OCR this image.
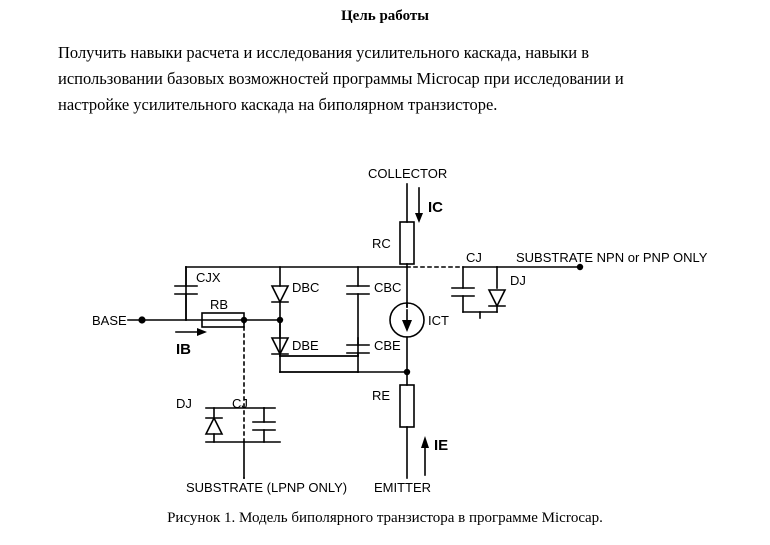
Цель работы
Получить навыки расчета и исследования усилительного каскада, навыки в использовании базовых возможностей программы Microcap при исследовании и настройке усилительного каскада на биполярном транзисторе.
COLLECTOR
IC
RC
CJ
DJ
SUBSTRATE NPN or PNP ONLY
BASE
IB
RB
CJX
DBC
DBE
CBC
CBE
ICT
RE
IE
DJ	CJ
SUBSTRATE (LPNP ONLY) EMITTER
Рисунок 1. Модель биполярного транзистора в программе Microcap.
